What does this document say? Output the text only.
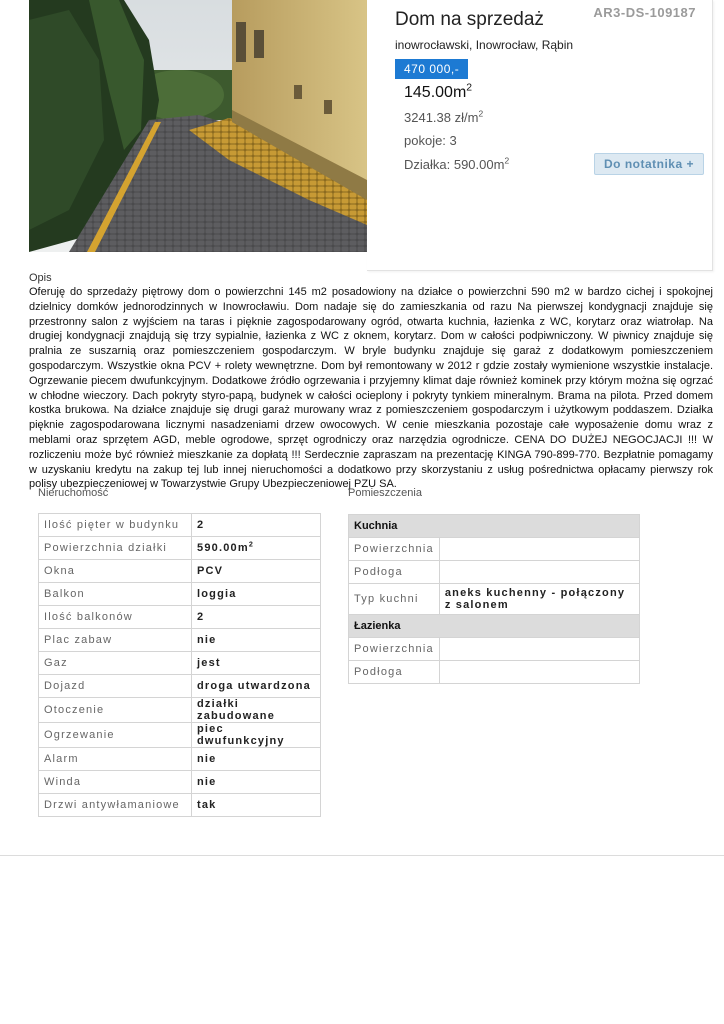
Dom na sprzedaż	AR3-DS-109187
inowrocławski, Inowrocław, Rąbin
470 000,-
$145.00m^2$
3241.38 $zł/m^2$
pokoje: 3
Działka: $590.00m^2$	Do notatnika +
Opis
Oferuję do sprzedaży piętrowy dom o powierzchni 145 m2 posadowiony na działce o powierzchni 590 m2 w bardzo cichej i spokojnej dzielnicy domków jednorodzinnych w Inowrocławiu. Dom nadaje się do zamieszkania od razu Na pierwszej kondygnacji znajduje się przestronny salon z wyjściem na taras i pięknie zagospodarowany ogród, otwarta kuchnia, łazienka z WC, korytarz oraz wiatrołap. Na drugiej kondygnacji znajdują się trzy sypialnie, łazienka z WC z oknem, korytarz. Dom w całości podpiwniczony. W piwnicy znajduje się pralnia ze suszarnią oraz pomieszczeniem gospodarczym. W bryle budynku znajduje się garaż z dodatkowym pomieszczeniem gospodarczym. Wszystkie okna PCV + rolety wewnętrzne. Dom był remontowany w 2012 r gdzie zostały wymienione wszystkie instalacje. Ogrzewanie piecem dwufunkcyjnym. Dodatkowe źródło ogrzewania i przyjemny klimat daje również kominek przy którym można się ogrzać w chłodne wieczory. Dach pokryty styro-papą, budynek w całości ocieplony i pokryty tynkiem mineralnym. Brama na pilota. Przed domem kostka brukowa. Na działce znajduje się drugi garaż murowany wraz z pomieszczeniem gospodarczym i użytkowym poddaszem. Działka pięknie zagospodarowana licznymi nasadzeniami drzew owocowych. W cenie mieszkania pozostaje całe wyposażenie domu wraz z meblami oraz sprzętem AGD, meble ogrodowe, sprzęt ogrodniczy oraz narzędzia ogrodnicze. CENA DO DUŻEJ NEGOCJACJI !!! W rozliczeniu może być również mieszkanie za dopłatą !!! Serdecznie zapraszam na prezentację KINGA 790-899-770. Bezpłatnie pomagamy w uzyskaniu kredytu na zakup tej lub innej nieruchomości a dodatkowo przy skorzystaniu z usług pośrednictwa opłacamy pierwszy rok polisy ubezpieczeniowej w Towarzystwie Grupy Ubezpieczeniowej PZU SA.
Nieruchomość	Pomieszczenia
Ilość pięter w budynku	2
Powierzchnia działki	$590.00m^2$
Okna	PCV
Balkon	loggia
Ilość balkonów	2
Plac zabaw	nie
Gaz	jest
Dojazd	droga utwardzona
Otoczenie	działki zabudowane
Ogrzewanie	piec dwufunkcyjny
Alarm	nie
Winda	nie
Drzwi antywłamaniowe	tak
Kuchnia	
Powierzchnia	
Podłoga	
Typ kuchni	aneks kuchenny - połączony z salonem
Łazienka	
Powierzchnia	
Podłoga	
